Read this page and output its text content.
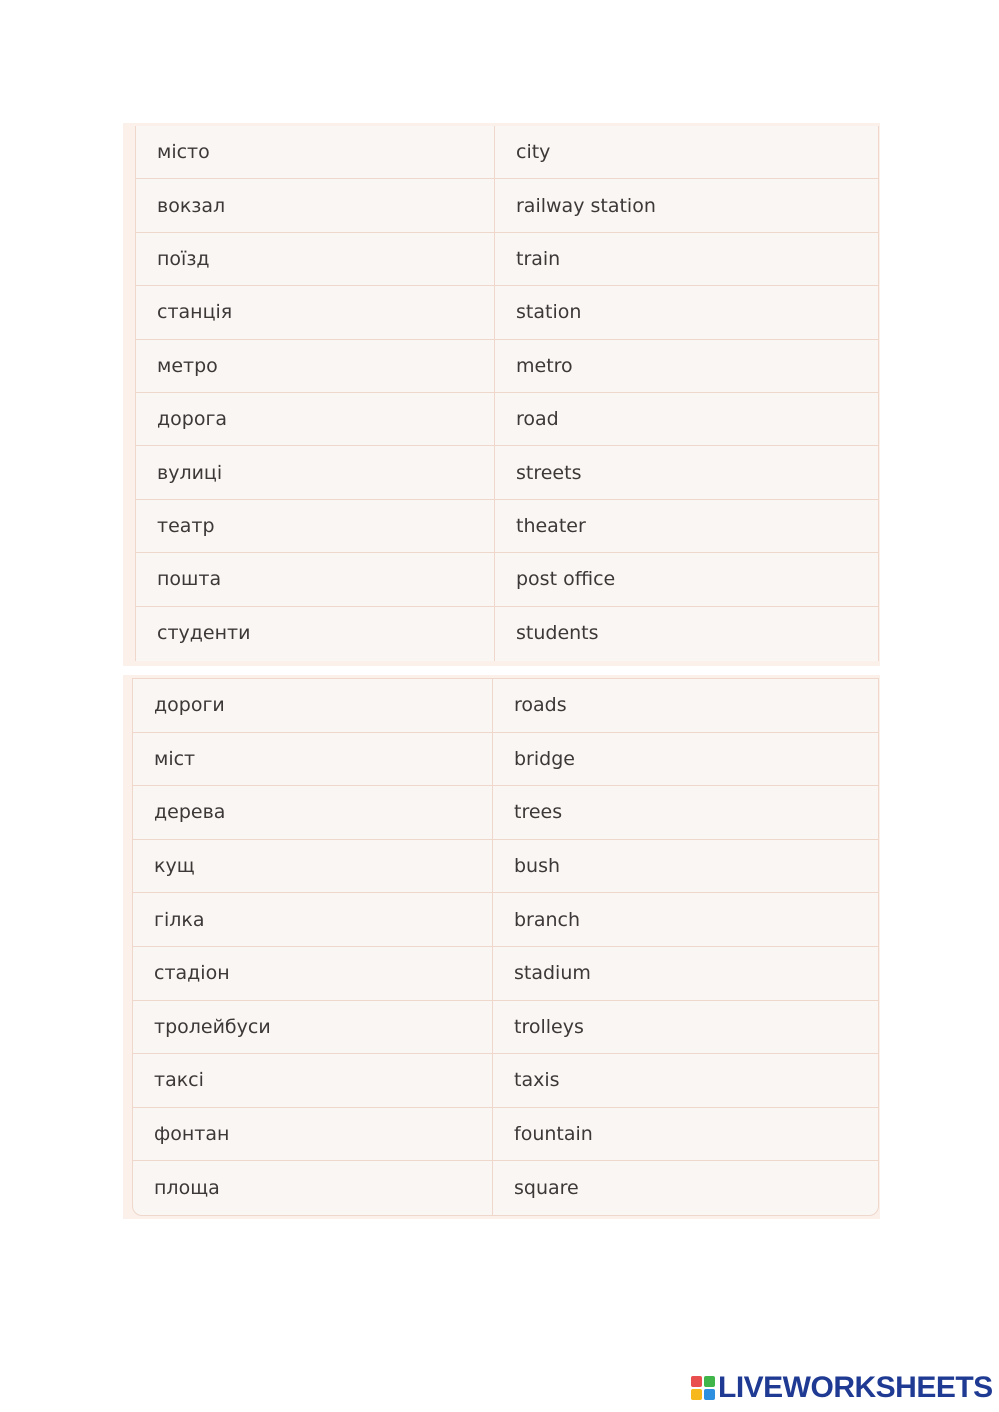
місто	city
вокзал	railway station
поїзд	train
станція	station
метро	metro
дорога	road
вулиці	streets
театр	theater
пошта	post office
студенти	students
дороги	roads
міст	bridge
дерева	trees
кущ	bush
гілка	branch
стадіон	stadium
тролейбуси	trolleys
таксі	taxis
фонтан	fountain
площа	square
LIVEWORKSHEETS
